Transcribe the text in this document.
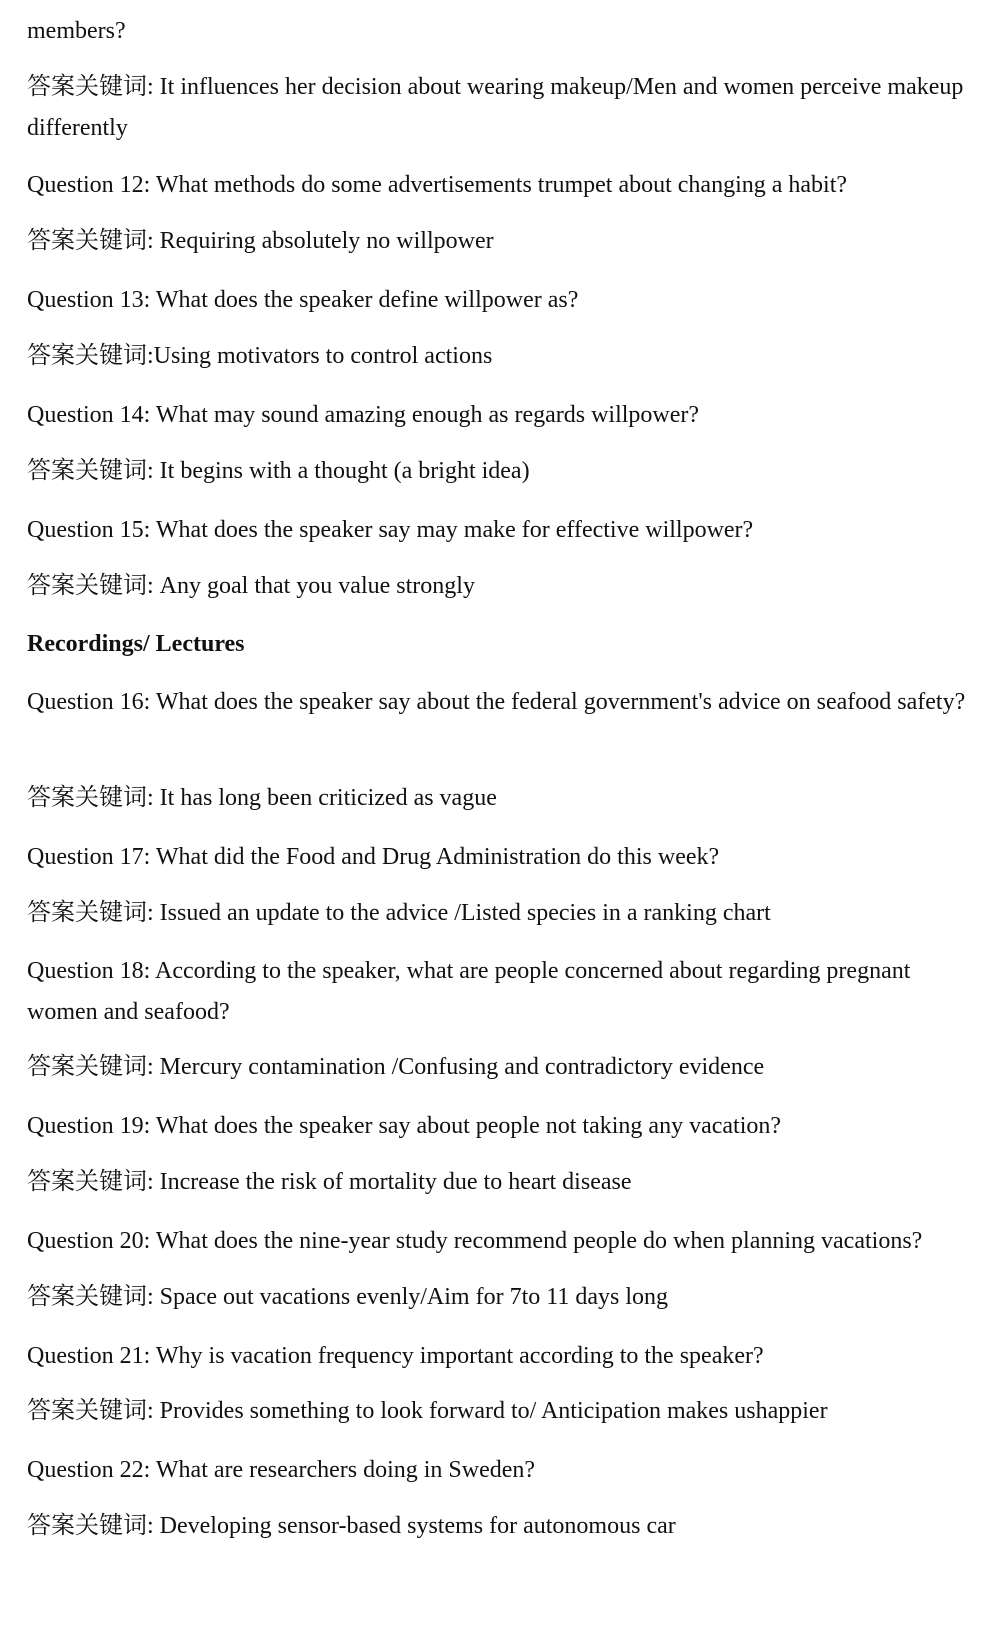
members?
答案关键词: It influences her decision about wearing makeup/Men and women perceive makeup differently
Question 12: What methods do some advertisements trumpet about changing a habit?
答案关键词: Requiring absolutely no willpower
Question 13: What does the speaker define willpower as?
答案关键词:Using motivators to control actions
Question 14: What may sound amazing enough as regards willpower?
答案关键词: It begins with a thought (a bright idea)
Question 15: What does the speaker say may make for effective willpower?
答案关键词: Any goal that you value strongly
Recordings/ Lectures
Question 16: What does the speaker say about the federal government's advice on seafood safety?
答案关键词: It has long been criticized as vague
Question 17: What did the Food and Drug Administration do this week?
答案关键词: Issued an update to the advice /Listed species in a ranking chart
Question 18: According to the speaker, what are people concerned about regarding pregnant women and seafood?
答案关键词: Mercury contamination /Confusing and contradictory evidence
Question 19: What does the speaker say about people not taking any vacation?
答案关键词: Increase the risk of mortality due to heart disease
Question 20: What does the nine-year study recommend people do when planning vacations?
答案关键词: Space out vacations evenly/Aim for 7to 11 days long
Question 21: Why is vacation frequency important according to the speaker?
答案关键词: Provides something to look forward to/ Anticipation makes ushappier
Question 22: What are researchers doing in Sweden?
答案关键词: Developing sensor-based systems for autonomous car
